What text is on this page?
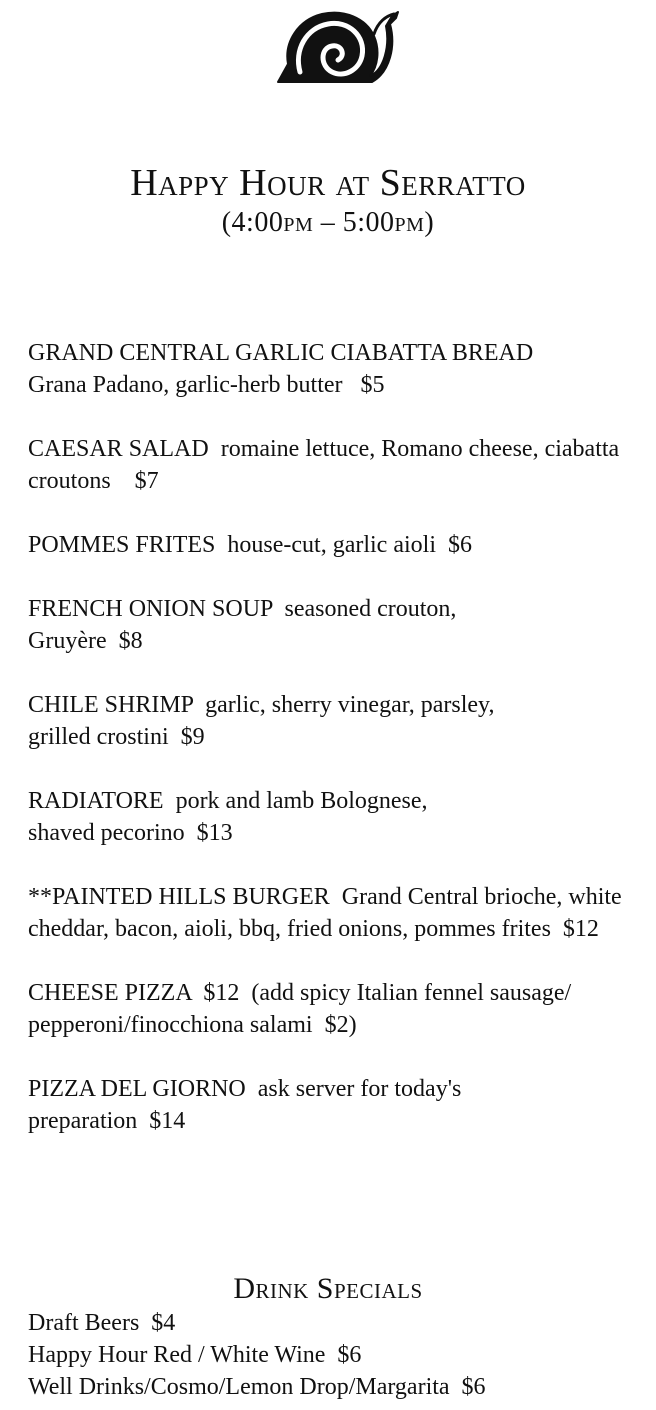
Happy Hour at Serratto
(4:00pm – 5:00pm)
GRAND CENTRAL GARLIC CIABATTA BREAD
Grana Padano, garlic-herb butter   $5
CAESAR SALAD  romaine lettuce, Romano cheese, ciabatta croutons    $7
POMMES FRITES  house-cut, garlic aioli  $6
FRENCH ONION SOUP  seasoned crouton,
Gruyère  $8
CHILE SHRIMP  garlic, sherry vinegar, parsley,
grilled crostini  $9
RADIATORE  pork and lamb Bolognese,
shaved pecorino  $13
**PAINTED HILLS BURGER  Grand Central brioche, white cheddar, bacon, aioli, bbq, fried onions, pommes frites  $12
CHEESE PIZZA  $12  (add spicy Italian fennel sausage/
pepperoni/finocchiona salami  $2)
PIZZA DEL GIORNO  ask server for today's
preparation  $14
Drink Specials
Draft Beers  $4
Happy Hour Red / White Wine  $6
Well Drinks/Cosmo/Lemon Drop/Margarita  $6
